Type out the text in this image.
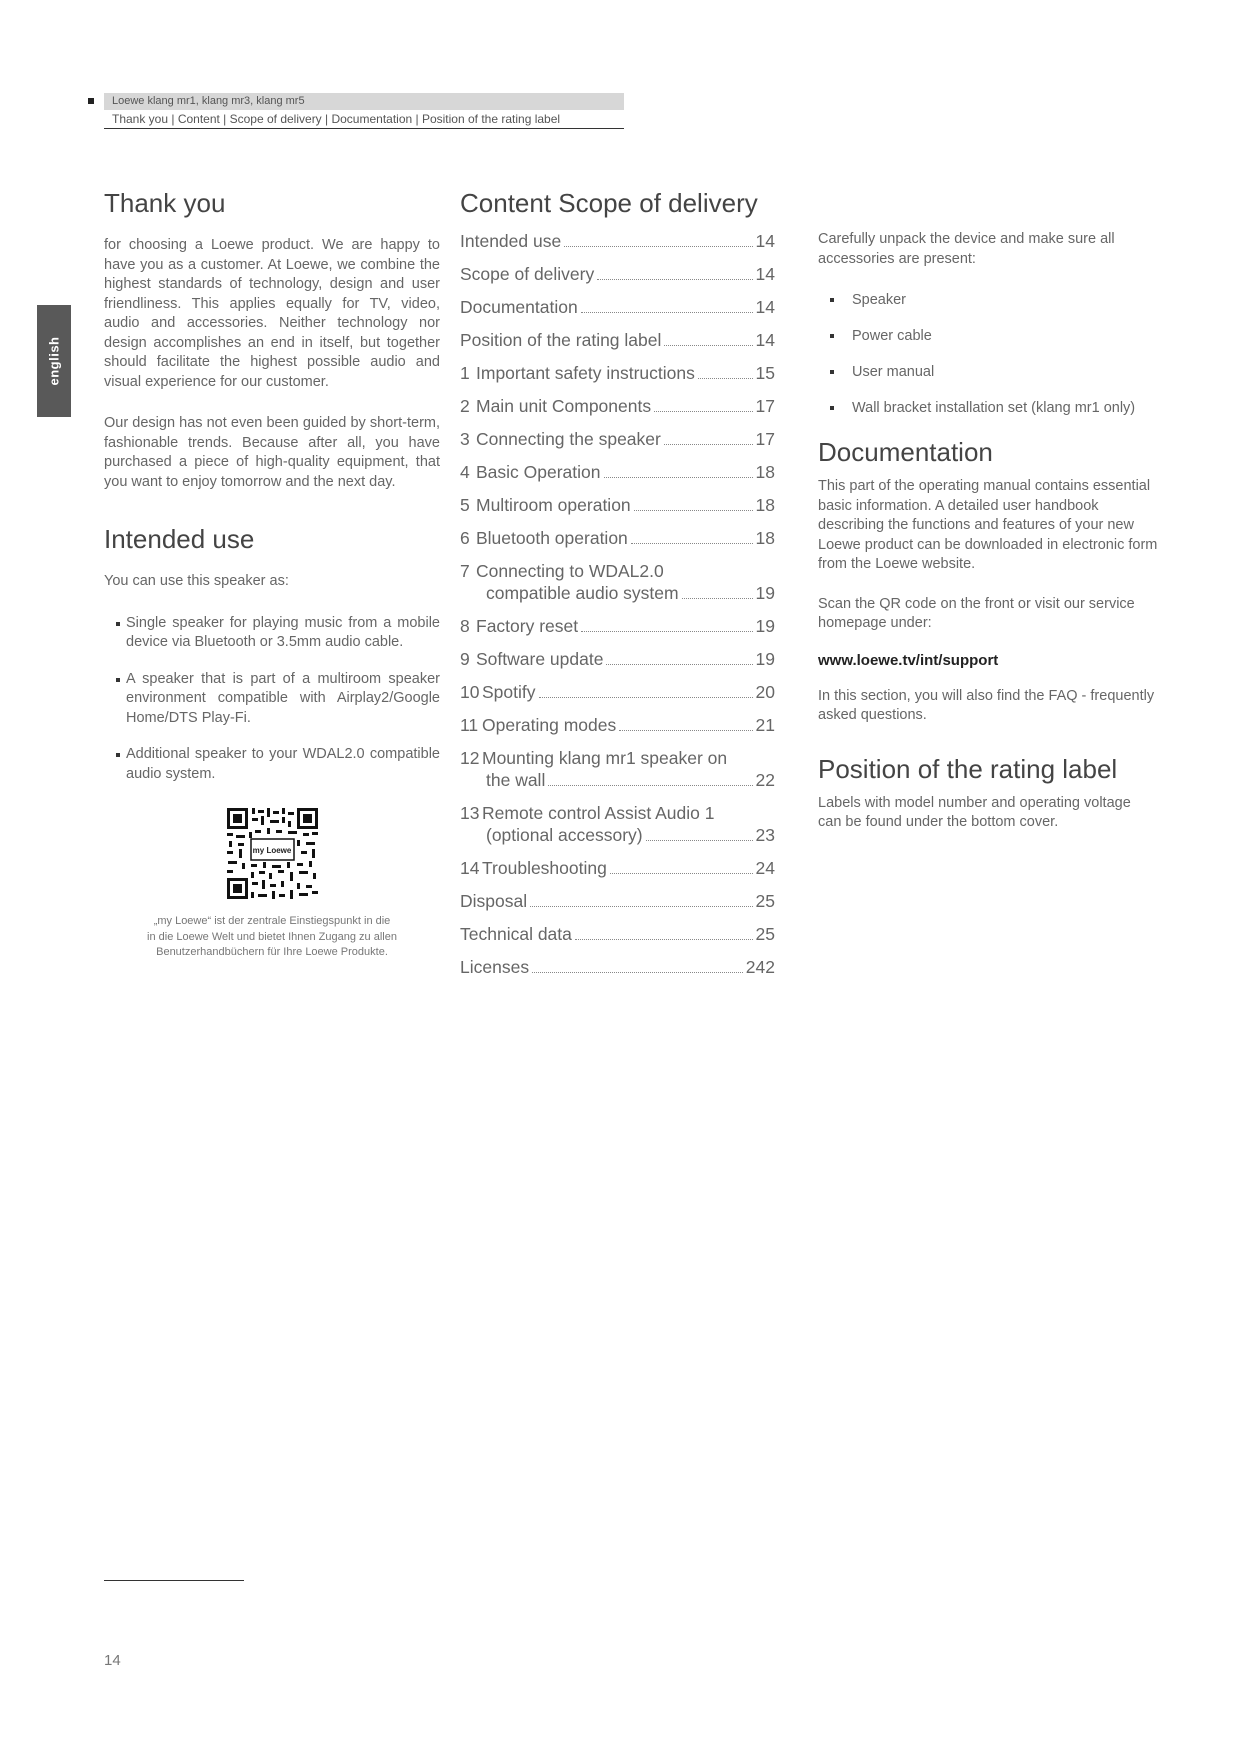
Loewe klang mr1, klang mr3, klang mr5
Thank you | Content | Scope of delivery | Documentation | Position of the rating label
english
Thank you

for choosing a Loewe product. We are happy to have you as a customer. At Loewe, we combine the highest standards of technology, design and user friendliness. This applies equally for TV, video, audio and accessories. Neither technology nor design accomplishes an end in itself, but together should facilitate the highest possible audio and visual experience for our customer.

Our design has not even been guided by short-term, fashionable trends. Because after all, you have purchased a piece of high-quality equipment, that you want to enjoy tomorrow and the next day.

Intended use

You can use this speaker as:

Single speaker for playing music from a mobile device via Bluetooth or 3.5mm audio cable.
A speaker that is part of a multiroom speaker environment compatible with Airplay2/Google Home/DTS Play-Fi.
Additional speaker to your WDAL2.0 compatible audio system.
my Loewe
„my Loewe“ ist der zentrale Einstiegspunkt in die
in die Loewe Welt und bietet Ihnen Zugang zu allen
Benutzerhandbüchern für Ihre Loewe Produkte.
Content Scope of delivery
Intended use	14
Scope of delivery	14
Documentation	14
Position of the rating label	14
1 Important safety instructions	15
2 Main unit Components	17
3 Connecting the speaker	17
4 Basic Operation	18
5 Multiroom operation	18
6 Bluetooth operation	18
7 Connecting to WDAL2.0
compatible audio system	19
8 Factory reset	19
9 Software update	19
10 Spotify	20
11 Operating modes	21
12 Mounting klang mr1 speaker on
the wall	22
13 Remote control Assist Audio 1
(optional accessory)	23
14 Troubleshooting	24
Disposal	25
Technical data	25
Licenses	242

Carefully unpack the device and make sure all accessories are present:

Speaker
Power cable
User manual
Wall bracket installation set (klang mr1 only)
Documentation

This part of the operating manual contains essential basic information. A detailed user handbook describing the functions and features of your new Loewe product can be downloaded in electronic form from the Loewe website.

Scan the QR code on the front or visit our service homepage under:

www.loewe.tv/int/support

In this section, you will also find the FAQ - frequently asked questions.

Position of the rating label

Labels with model number and operating voltage can be found under the bottom cover.

14
